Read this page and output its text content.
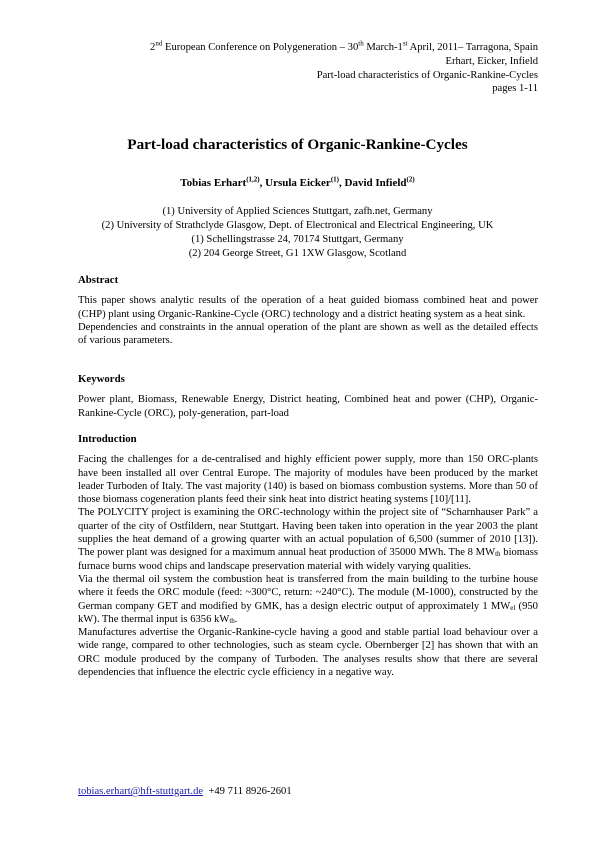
2nd European Conference on Polygeneration – 30th March-1st April, 2011– Tarragona, Spain
Erhart, Eicker, Infield
Part-load characteristics of Organic-Rankine-Cycles
pages 1-11
Part-load characteristics of Organic-Rankine-Cycles
Tobias Erhart$^{(1,2)}$, Ursula Eicker$^{(1)}$, David Infield$^{(2)}$
(1) University of Applied Sciences Stuttgart, zafh.net, Germany
(2) University of Strathclyde Glasgow, Dept. of Electronical and Electrical Engineering, UK
(1) Schellingstrasse 24, 70174 Stuttgart, Germany
(2) 204 George Street, G1 1XW Glasgow, Scotland
Abstract

This paper shows analytic results of the operation of a heat guided biomass combined heat and power (CHP) plant using Organic-Rankine-Cycle (ORC) technology and a district heating system as a heat sink.

Dependencies and constraints in the annual operation of the plant are shown as well as the detailed effects of various parameters.

Keywords

Power plant, Biomass, Renewable Energy, District heating, Combined heat and power (CHP), Organic-Rankine-Cycle (ORC), poly-generation, part-load

Introduction

Facing the challenges for a de-centralised and highly efficient power supply, more than 150 ORC-plants have been installed all over Central Europe. The majority of modules have been produced by the market leader Turboden of Italy. The vast majority (140) is based on biomass combustion systems. More than 50 of those biomass cogeneration plants feed their sink heat into district heating systems [10]/[11].

The POLYCITY project is examining the ORC-technology within the project site of “Scharnhauser Park” a quarter of the city of Ostfildern, near Stuttgart. Having been taken into operation in the year 2003 the plant supplies the heat demand of a growing quarter with an actual population of 6,500 (summer of 2010 [13]). The power plant was designed for a maximum annual heat production of 35000 MWh. The 8 MWth biomass furnace burns wood chips and landscape preservation material with widely varying qualities.

Via the thermal oil system the combustion heat is transferred from the main building to the turbine house where it feeds the ORC module (feed: ~300°C, return: ~240°C). The module (M-1000), constructed by the German company GET and modified by GMK, has a design electric output of approximately 1 MWel (950 kW). The thermal input is 6356 kWth.

Manufactures advertise the Organic-Rankine-cycle having a good and stable partial load behaviour over a wide range, compared to other technologies, such as steam cycle. Obernberger [2] has shown that with an ORC module produced by the company of Turboden. The analyses results show that there are several dependencies that influence the electric cycle efficiency in a negative way.

tobias.erhart@hft-stuttgart.de  +49 711 8926-2601
